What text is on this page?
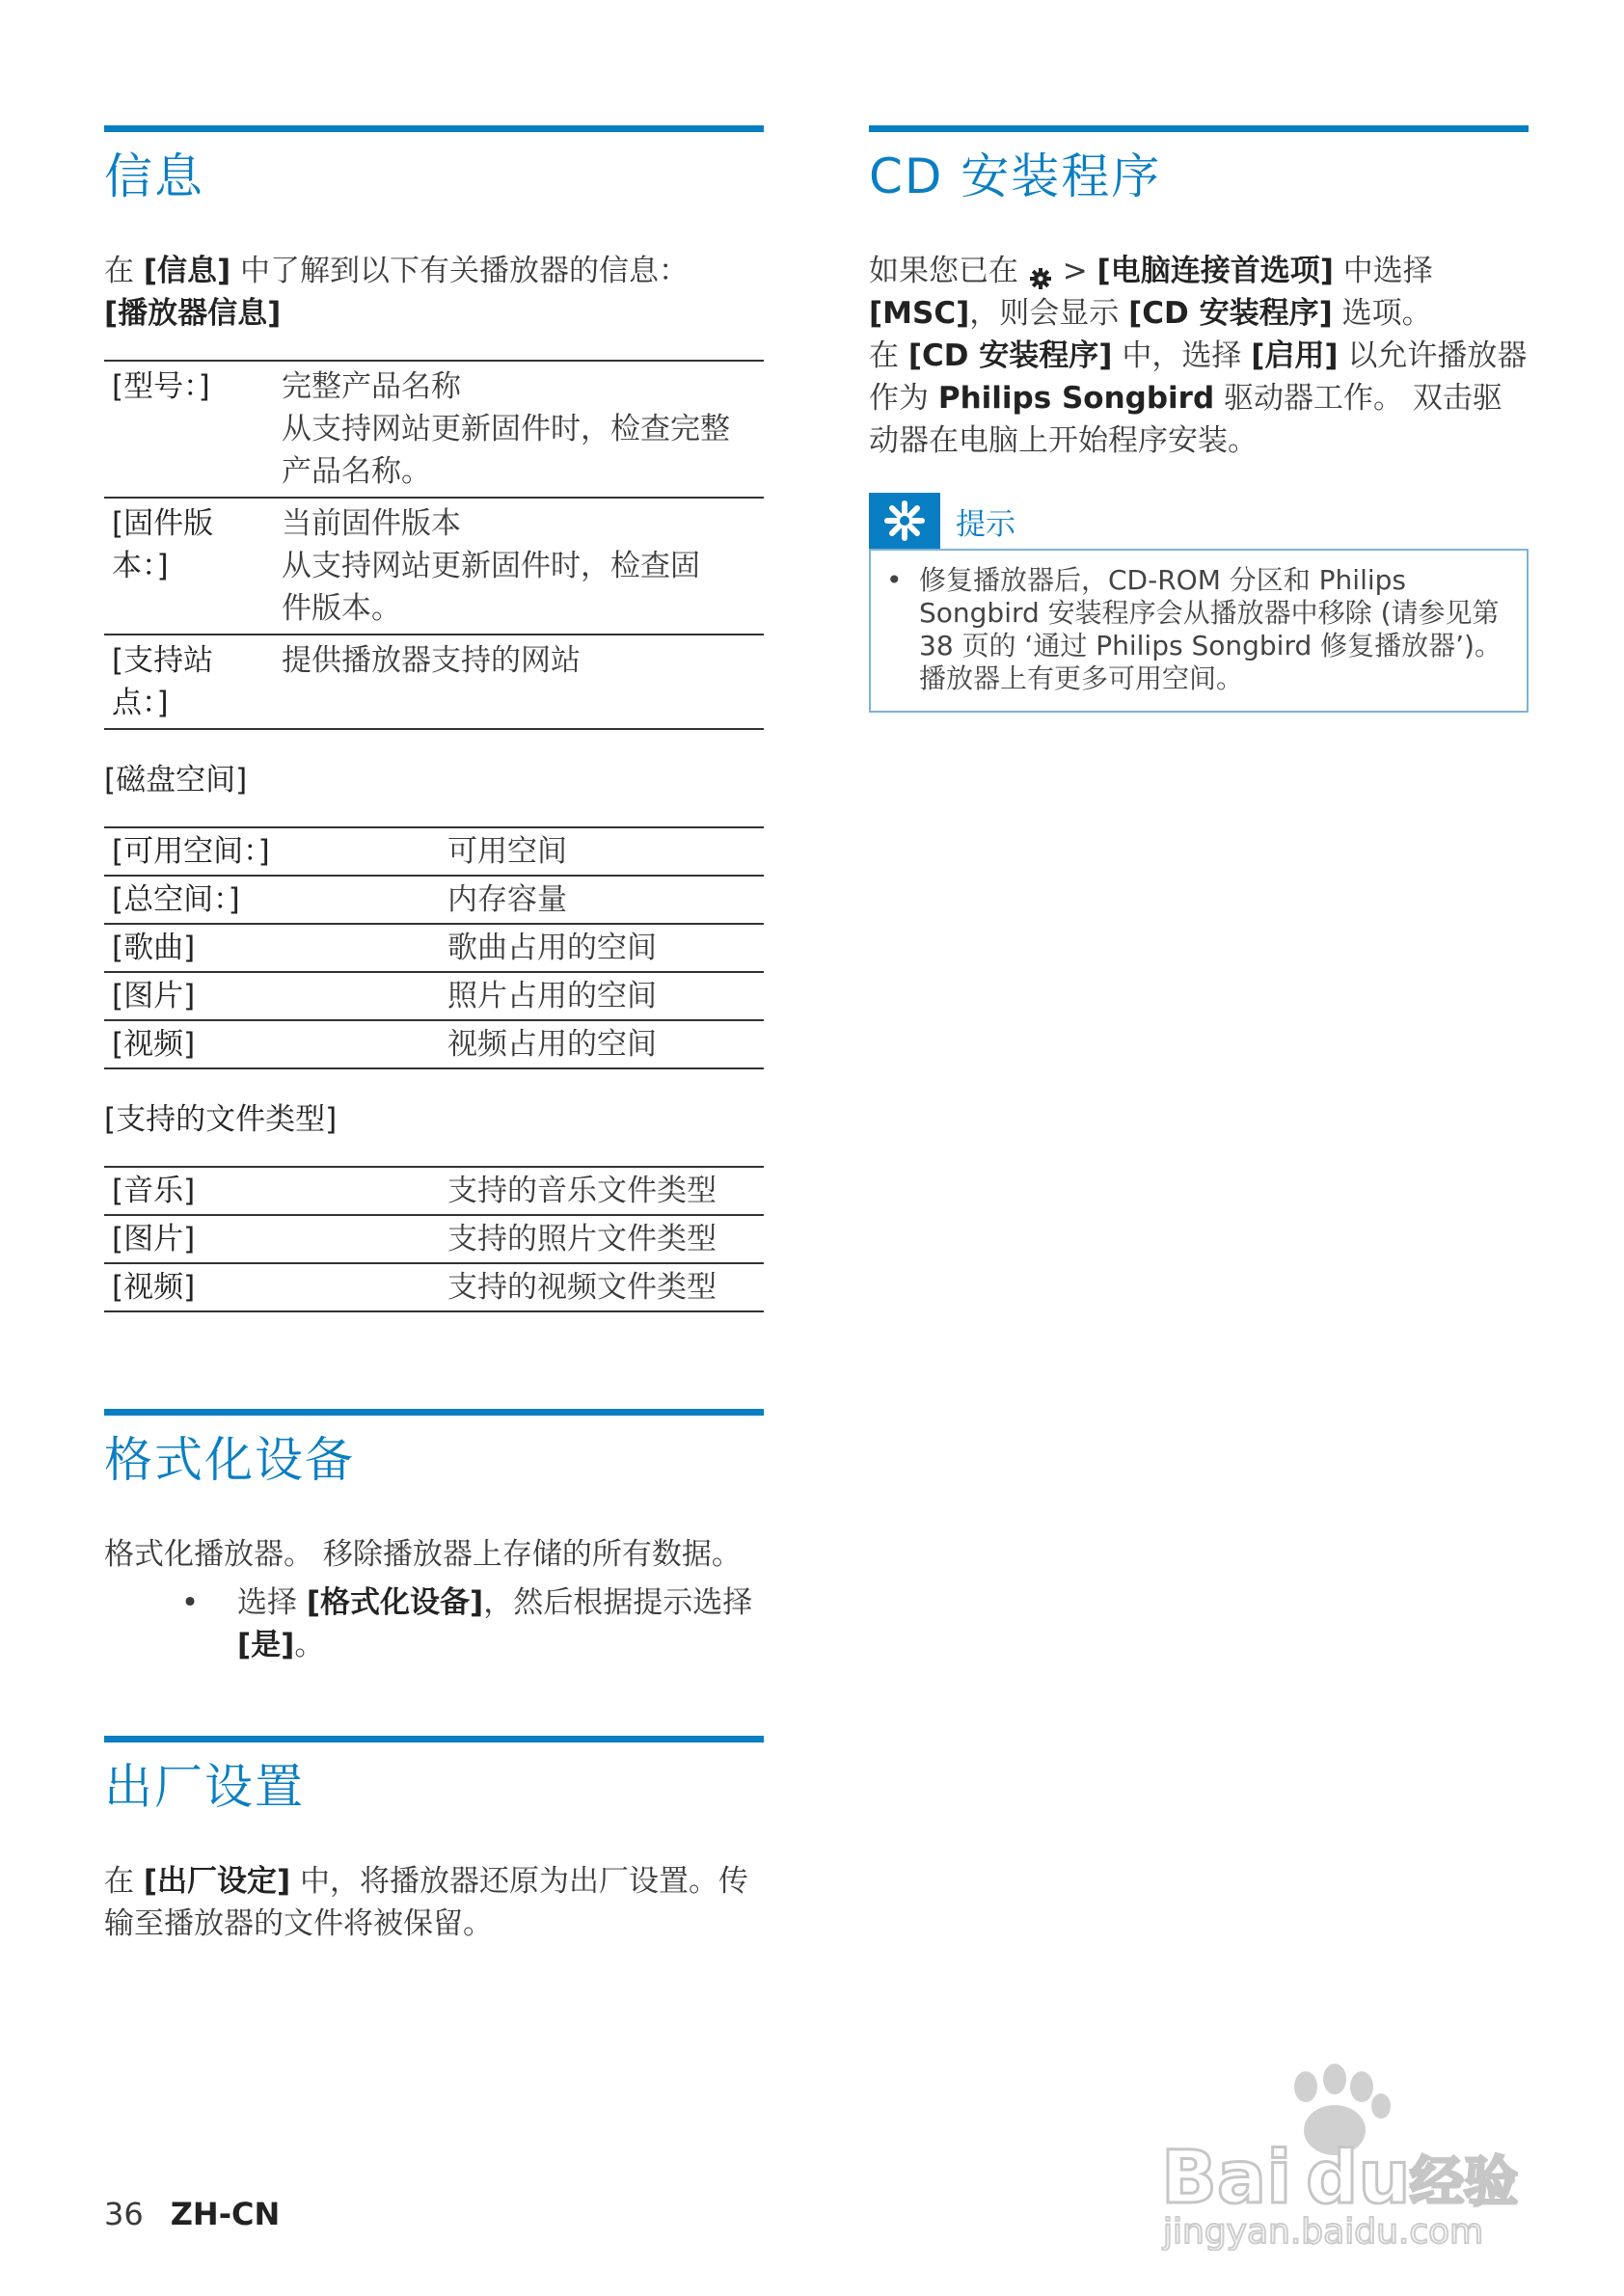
信息

在 [信息] 中了解到以下有关播放器的信息：
[播放器信息]

[型号：]	完整产品名称
从支持网站更新固件时，检查完整
产品名称。

[固件版本：]	当前固件版本
从支持网站更新固件时，检查固
件版本。

[支持站点：]	提供播放器支持的网站
[磁盘空间]
[可用空间：]	可用空间
[总空间：]	内存容量
[歌曲]	歌曲占用的空间
[图片]	照片占用的空间
[视频]	视频占用的空间
[支持的文件类型]
[音乐]	支持的音乐文件类型
[图片]	支持的照片文件类型
[视频]	支持的视频文件类型
格式化设备

格式化播放器。 移除播放器上存储的所有数据。

•	选择 [格式化设备]，然后根据提示选择 [是]。
出厂设置

在 [出厂设定] 中，将播放器还原为出厂设置。传输至播放器的文件将被保留。

CD 安装程序

如果您已在  > [电脑连接首选项] 中选择 [MSC]，则会显示 [CD 安装程序] 选项。

在 [CD 安装程序] 中，选择 [启用] 以允许播放器作为 Philips Songbird 驱动器工作。 双击驱动器在电脑上开始程序安装。

提示
• 修复播放器后，CD-ROM 分区和 Philips Songbird 安装程序会从播放器中移除 (请参见第 38 页的 ‘通过 Philips Songbird 修复播放器’)。 播放器上有更多可用空间。
36 ZH-CN	Bai du 经验
jingyan.baidu.com
